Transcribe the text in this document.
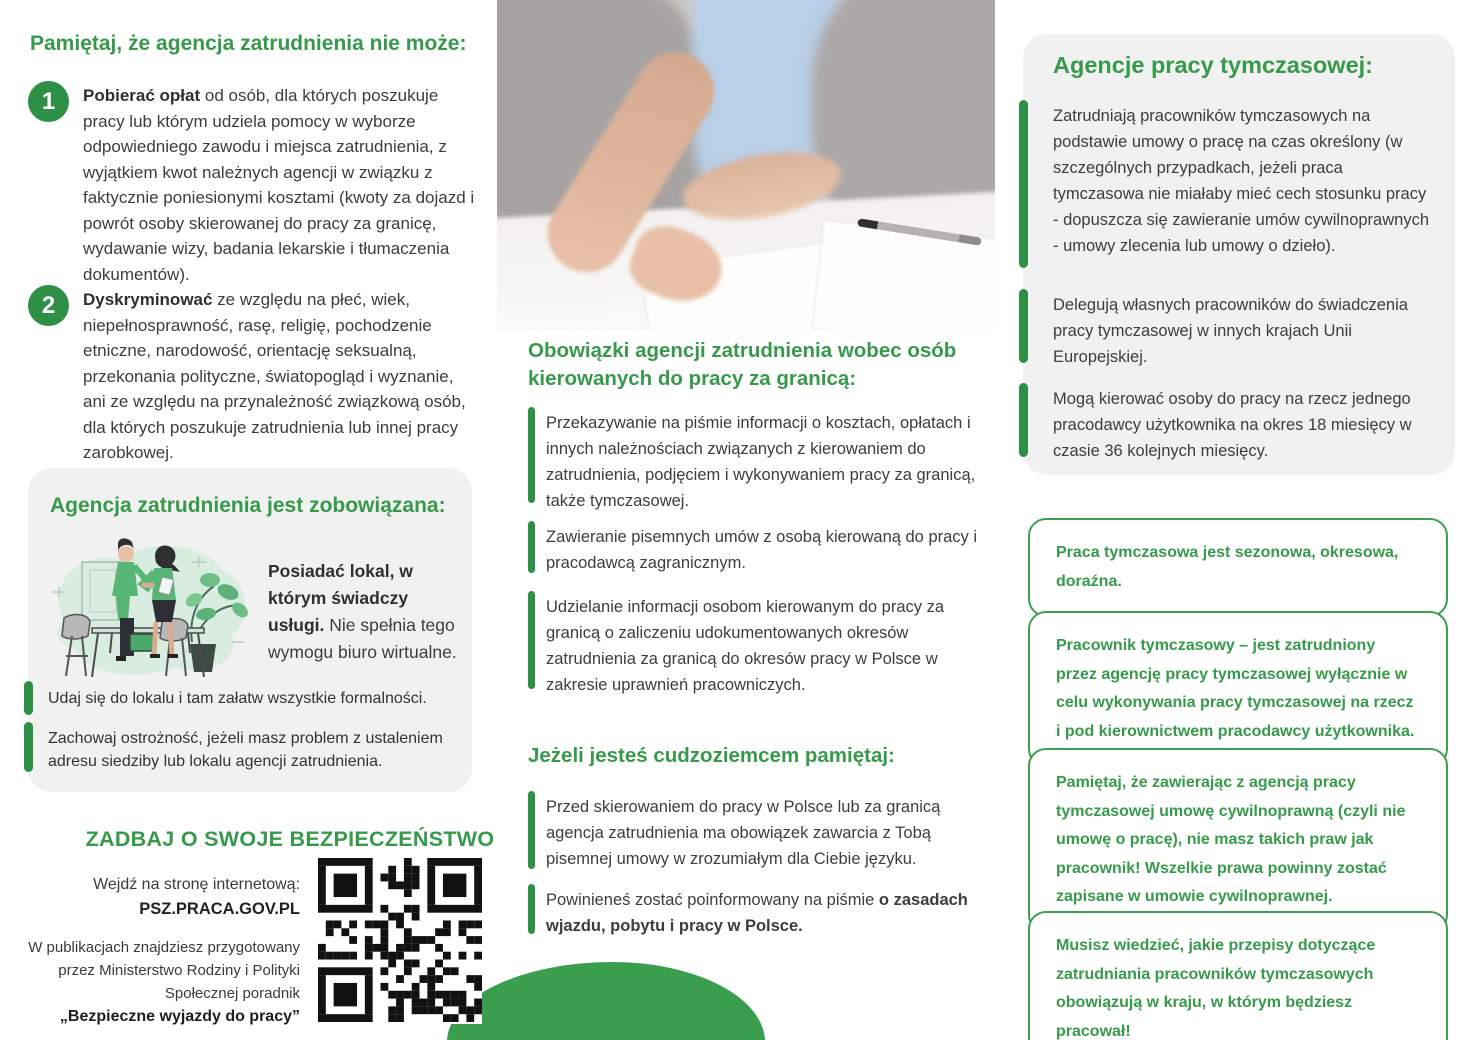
Pamiętaj, że agencja zatrudnienia nie może:
1 Pobierać opłat od osób, dla których poszukuje pracy lub którym udziela pomocy w wyborze odpowiedniego zawodu i miejsca zatrudnienia, z wyjątkiem kwot należnych agencji w związku z faktycznie poniesionymi kosztami (kwoty za dojazd i powrót osoby skierowanej do pracy za granicę, wydawanie wizy, badania lekarskie i tłumaczenia dokumentów).

2 Dyskryminować ze względu na płeć, wiek, niepełnosprawność, rasę, religię, pochodzenie etniczne, narodowość, orientację seksualną, przekonania polityczne, światopogląd i wyznanie, ani ze względu na przynależność związkową osób, dla których poszukuje zatrudnienia lub innej pracy zarobkowej.

Agencja zatrudnienia jest zobowiązana:

Posiadać lokal, w którym świadczy usługi. Nie spełnia tego wymogu biuro wirtualne.

Udaj się do lokalu i tam załatw wszystkie formalności.

Zachowaj ostrożność, jeżeli masz problem z ustaleniem adresu siedziby lub lokalu agencji zatrudnienia.

ZADBAJ O SWOJE BEZPIECZEŃSTWO
Wejdź na stronę internetową:
PSZ.PRACA.GOV.PL
W publikacjach znajdziesz przygotowany przez Ministerstwo Rodziny i Polityki Społecznej poradnik
„Bezpieczne wyjazdy do pracy”
Obowiązki agencji zatrudnienia wobec osób kierowanych do pracy za granicą:

Przekazywanie na piśmie informacji o kosztach, opłatach i innych należnościach związanych z kierowaniem do zatrudnienia, podjęciem i wykonywaniem pracy za granicą, także tymczasowej.

Zawieranie pisemnych umów z osobą kierowaną do pracy i pracodawcą zagranicznym.

Udzielanie informacji osobom kierowanym do pracy za granicą o zaliczeniu udokumentowanych okresów zatrudnienia za granicą do okresów pracy w Polsce w zakresie uprawnień pracowniczych.

Jeżeli jesteś cudzoziemcem pamiętaj:

Przed skierowaniem do pracy w Polsce lub za granicą agencja zatrudnienia ma obowiązek zawarcia z Tobą pisemnej umowy w zrozumiałym dla Ciebie języku.

Powinieneś zostać poinformowany na piśmie o zasadach wjazdu, pobytu i pracy w Polsce.

Agencje pracy tymczasowej:

Zatrudniają pracowników tymczasowych na podstawie umowy o pracę na czas określony (w szczególnych przypadkach, jeżeli praca tymczasowa nie miałaby mieć cech stosunku pracy - dopuszcza się zawieranie umów cywilnoprawnych - umowy zlecenia lub umowy o dzieło).

Delegują własnych pracowników do świadczenia pracy tymczasowej w innych krajach Unii Europejskiej.

Mogą kierować osoby do pracy na rzecz jednego pracodawcy użytkownika na okres 18 miesięcy w czasie 36 kolejnych miesięcy.

Praca tymczasowa jest sezonowa, okresowa, doraźna.
Pracownik tymczasowy – jest zatrudniony przez agencję pracy tymczasowej wyłącznie w celu wykonywania pracy tymczasowej na rzecz i pod kierownictwem pracodawcy użytkownika.
Pamiętaj, że zawierając z agencją pracy tymczasowej umowę cywilnoprawną (czyli nie umowę o pracę), nie masz takich praw jak pracownik! Wszelkie prawa powinny zostać zapisane w umowie cywilnoprawnej.
Musisz wiedzieć, jakie przepisy dotyczące zatrudniania pracowników tymczasowych obowiązują w kraju, w którym będziesz pracował!
